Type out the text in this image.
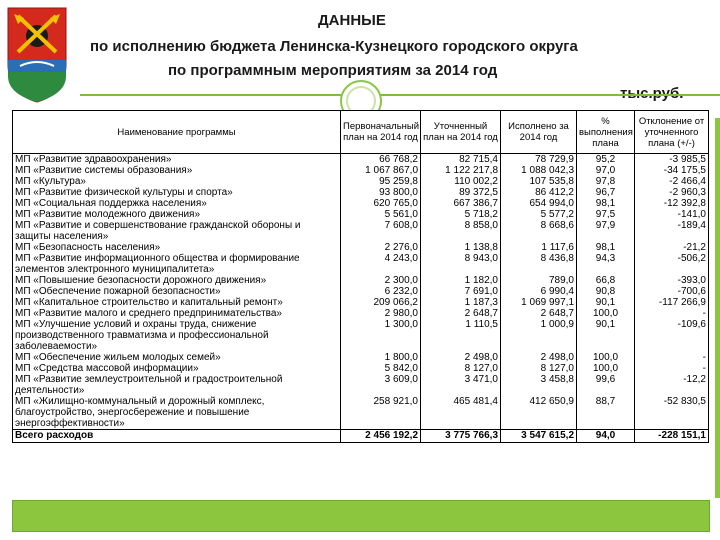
ДАННЫЕ
по исполнению бюджета Ленинска-Кузнецкого городского округа
по программным мероприятиям за 2014 год
Наименование программы	Первоначальный план на 2014 год	Уточненный план на 2014 год	Исполнено за 2014 год	% выполнения плана	Отклонение от уточненного плана (+/-)
МП «Развитие здравоохранения»	66 768,2	82 715,4	78 729,9	95,2	-3 985,5
МП «Развитие системы образования»	1 067 867,0	1 122 217,8	1 088 042,3	97,0	-34 175,5
МП «Культура»	95 259,8	110 002,2	107 535,8	97,8	-2 466,4
МП «Развитие физической культуры и спорта»	93 800,0	89 372,5	86 412,2	96,7	-2 960,3
МП «Социальная поддержка населения»	620 765,0	667 386,7	654 994,0	98,1	-12 392,8
МП «Развитие молодежного движения»	5 561,0	5 718,2	5 577,2	97,5	-141,0
МП «Развитие и совершенствование гражданской обороны и защиты населения»	7 608,0	8 858,0	8 668,6	97,9	-189,4
МП «Безопасность населения»	2 276,0	1 138,8	1 117,6	98,1	-21,2
МП «Развитие информационного общества и формирование элементов электронного муниципалитета»	4 243,0	8 943,0	8 436,8	94,3	-506,2
МП «Повышение безопасности дорожного движения»	2 300,0	1 182,0	789,0	66,8	-393,0
МП «Обеспечение пожарной безопасности»	6 232,0	7 691,0	6 990,4	90,8	-700,6
МП «Капитальное строительство и капитальный ремонт»	209 066,2	1 187,3	1 069 997,1	90,1	-117 266,9
МП «Развитие малого и среднего предпринимательства»	2 980,0	2 648,7	2 648,7	100,0	-
МП «Улучшение условий и охраны труда, снижение производственного травматизма и профессиональной заболеваемости»	1 300,0	1 110,5	1 000,9	90,1	-109,6
МП «Обеспечение жильем молодых семей»	1 800,0	2 498,0	2 498,0	100,0	-
МП «Средства массовой информации»	5 842,0	8 127,0	8 127,0	100,0	-
МП «Развитие землеустроительной и градостроительной деятельности»	3 609,0	3 471,0	3 458,8	99,6	-12,2
МП «Жилищно-коммунальный и дорожный комплекс, благоустройство, энергосбережение и повышение энергоэффективности»	258 921,0	465 481,4	412 650,9	88,7	-52 830,5
Всего расходов	2 456 192,2	3 775 766,3	3 547 615,2	94,0	-228 151,1
